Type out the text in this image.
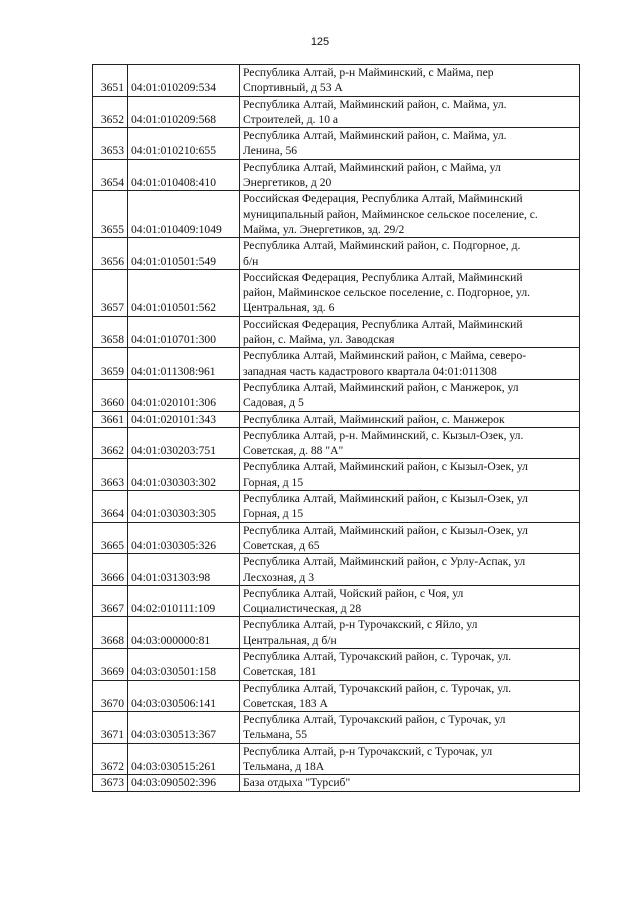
125
3651	04:01:010209:534	Республика Алтай, р-н Майминский, с Майма, пер
Спортивный, д 53 А

3652	04:01:010209:568	Республика Алтай, Майминский район, с. Майма, ул.
Строителей, д. 10 а

3653	04:01:010210:655	Республика Алтай, Майминский район, с. Майма, ул.
Ленина, 56

3654	04:01:010408:410	Республика Алтай, Майминский район, с Майма, ул
Энергетиков, д 20

3655	04:01:010409:1049	Российская Федерация, Республика Алтай, Майминский
муниципальный район, Майминское сельское поселение, с.
Майма, ул. Энергетиков, зд. 29/2

3656	04:01:010501:549	Республика Алтай, Майминский район, с. Подгорное, д.
б/н

3657	04:01:010501:562	Российская Федерация, Республика Алтай, Майминский
район, Майминское сельское поселение, с. Подгорное, ул.
Центральная, зд. 6

3658	04:01:010701:300	Российская Федерация, Республика Алтай, Майминский
район, с. Майма, ул. Заводская

3659	04:01:011308:961	Республика Алтай, Майминский район, с Майма, северо-
западная часть кадастрового квартала 04:01:011308

3660	04:01:020101:306	Республика Алтай, Майминский район, с Манжерок, ул
Садовая, д 5

3661	04:01:020101:343	Республика Алтай, Майминский район, с. Манжерок

3662	04:01:030203:751	Республика Алтай, р-н. Майминский, с. Кызыл-Озек, ул.
Советская, д. 88 "А"

3663	04:01:030303:302	Республика Алтай, Майминский район, с Кызыл-Озек, ул
Горная, д 15

3664	04:01:030303:305	Республика Алтай, Майминский район, с Кызыл-Озек, ул
Горная, д 15

3665	04:01:030305:326	Республика Алтай, Майминский район, с Кызыл-Озек, ул
Советская, д 65

3666	04:01:031303:98	Республика Алтай, Майминский район, с Урлу-Аспак, ул
Лесхозная, д 3

3667	04:02:010111:109	Республика Алтай, Чойский район, с Чоя, ул
Социалистическая, д 28

3668	04:03:000000:81	Республика Алтай, р-н Турочакский, с Яйло, ул
Центральная, д б/н

3669	04:03:030501:158	Республика Алтай, Турочакский район, с. Турочак, ул.
Советская, 181

3670	04:03:030506:141	Республика Алтай, Турочакский район, с. Турочак, ул.
Советская, 183 А

3671	04:03:030513:367	Республика Алтай, Турочакский район, с Турочак, ул
Тельмана, 55

3672	04:03:030515:261	Республика Алтай, р-н Турочакский, с Турочак, ул
Тельмана, д 18А

3673	04:03:090502:396	База отдыха "Турсиб"
